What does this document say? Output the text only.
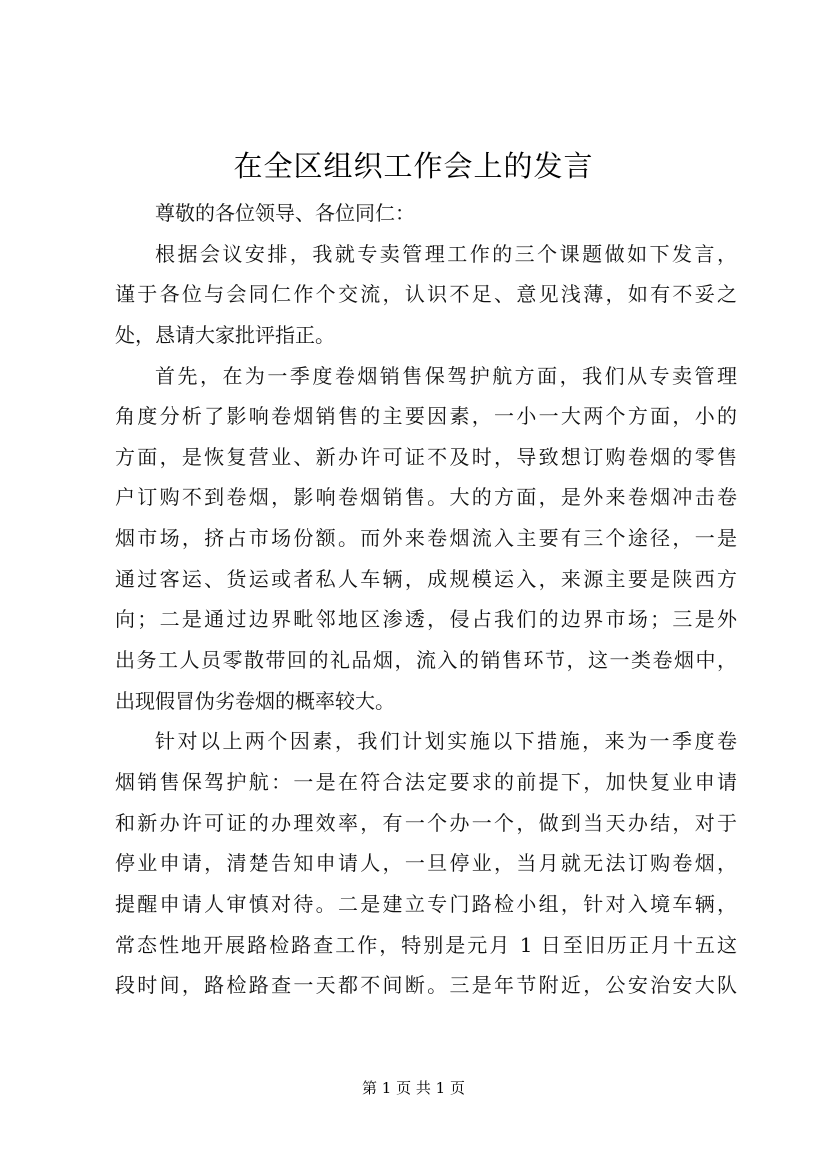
在全区组织工作会上的发言
尊敬的各位领导、各位同仁：
根据会议安排，我就专卖管理工作的三个课题做如下发言，
谨于各位与会同仁作个交流，认识不足、意见浅薄，如有不妥之
处，恳请大家批评指正。
首先，在为一季度卷烟销售保驾护航方面，我们从专卖管理
角度分析了影响卷烟销售的主要因素，一小一大两个方面，小的
方面，是恢复营业、新办许可证不及时，导致想订购卷烟的零售
户订购不到卷烟，影响卷烟销售。大的方面，是外来卷烟冲击卷
烟市场，挤占市场份额。而外来卷烟流入主要有三个途径，一是
通过客运、货运或者私人车辆，成规模运入，来源主要是陕西方
向；二是通过边界毗邻地区渗透，侵占我们的边界市场；三是外
出务工人员零散带回的礼品烟，流入的销售环节，这一类卷烟中，
出现假冒伪劣卷烟的概率较大。
针对以上两个因素，我们计划实施以下措施，来为一季度卷
烟销售保驾护航：一是在符合法定要求的前提下，加快复业申请
和新办许可证的办理效率，有一个办一个，做到当天办结，对于
停业申请，清楚告知申请人，一旦停业，当月就无法订购卷烟，
提醒申请人审慎对待。二是建立专门路检小组，针对入境车辆，
常态性地开展路检路查工作，特别是元月 1 日至旧历正月十五这
段时间，路检路查一天都不间断。三是年节附近，公安治安大队
第 1 页 共 1 页
